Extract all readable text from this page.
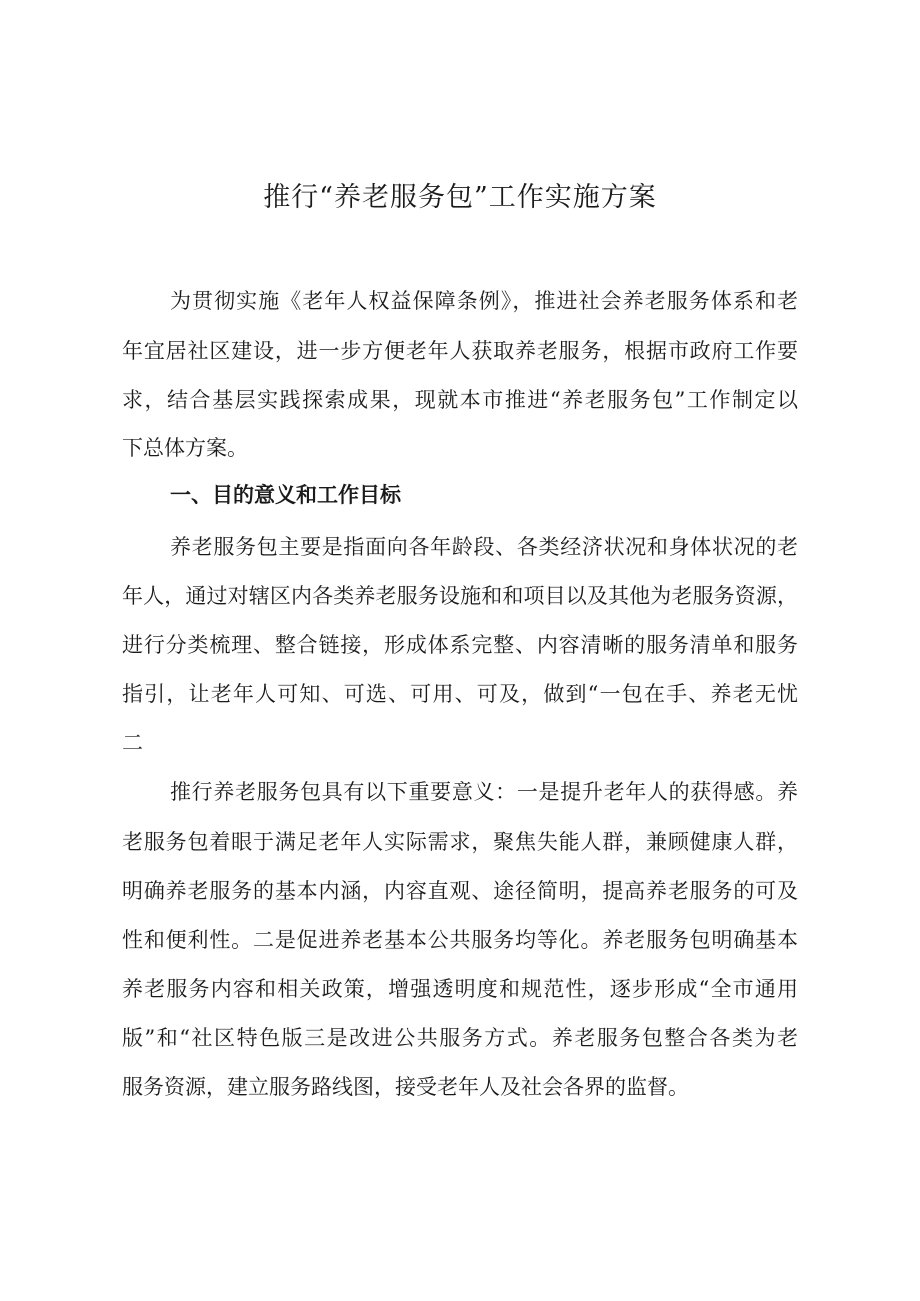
推行“养老服务包”工作实施方案
为贯彻实施《老年人权益保障条例》，推进社会养老服务体系和老
年宜居社区建设，进一步方便老年人获取养老服务，根据市政府工作要
求，结合基层实践探索成果，现就本市推进“养老服务包”工作制定以
下总体方案。
一、目的意义和工作目标
养老服务包主要是指面向各年龄段、各类经济状况和身体状况的老
年人，通过对辖区内各类养老服务设施和和项目以及其他为老服务资源，
进行分类梳理、整合链接，形成体系完整、内容清晰的服务清单和服务
指引，让老年人可知、可选、可用、可及，做到“一包在手、养老无忧
二
推行养老服务包具有以下重要意义：一是提升老年人的获得感。养
老服务包着眼于满足老年人实际需求，聚焦失能人群，兼顾健康人群，
明确养老服务的基本内涵，内容直观、途径简明，提高养老服务的可及
性和便利性。二是促进养老基本公共服务均等化。养老服务包明确基本
养老服务内容和相关政策，增强透明度和规范性，逐步形成“全市通用
版”和“社区特色版三是改进公共服务方式。养老服务包整合各类为老
服务资源，建立服务路线图，接受老年人及社会各界的监督。
